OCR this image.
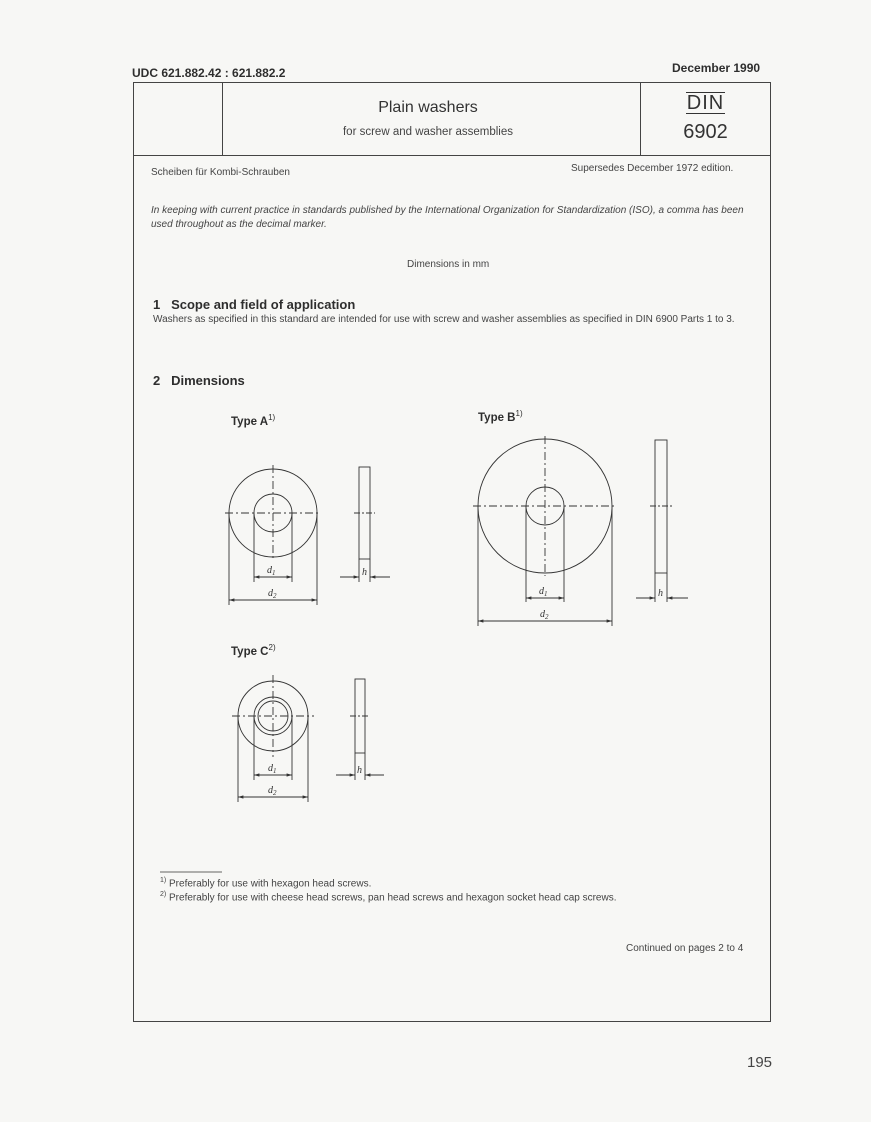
UDC 621.882.42 : 621.882.2	December 1990
Plain washers
for screw and washer assemblies
DIN
6902
Scheiben für Kombi-Schrauben	Supersedes December 1972 edition.
In keeping with current practice in standards published by the International Organization for Standardization (ISO), a comma has been used throughout as the decimal marker.
Dimensions in mm
1 Scope and field of application
Washers as specified in this standard are intended for use with screw and washer assemblies as specified in DIN 6900 Parts 1 to 3.
2 Dimensions
Type $A^{1)}$	Type $B^{1)}$
Type $C^{2)}$
$d_1$
$d_2$
h
$d_1$
$d_2$
h
$d_1$
$d_2$
h
$^{1)}$ Preferably for use with hexagon head screws.
$^{2)}$ Preferably for use with cheese head screws, pan head screws and hexagon socket head cap screws.
Continued on pages 2 to 4
195
